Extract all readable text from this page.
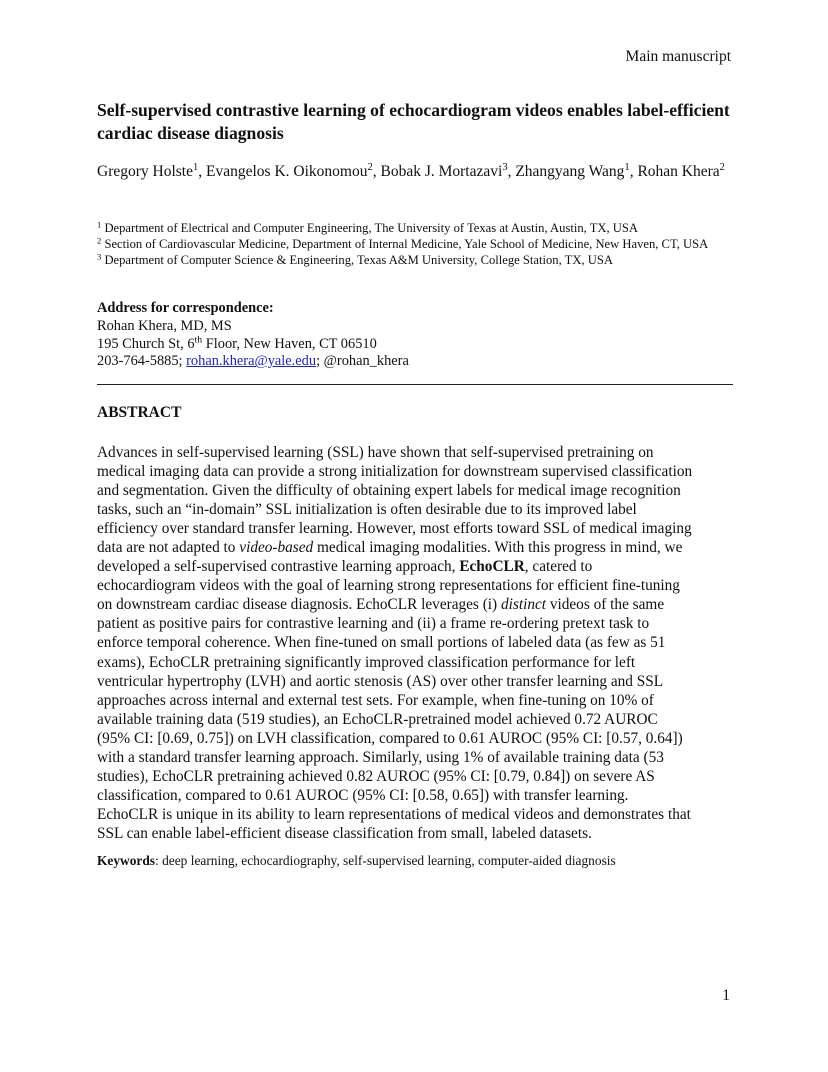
Main manuscript
Self-supervised contrastive learning of echocardiogram videos enables label-efficient cardiac disease diagnosis
Gregory Holste$^1$, Evangelos K. Oikonomou$^2$, Bobak J. Mortazavi$^3$, Zhangyang Wang$^1$, Rohan Khera$^2$

$^1$ Department of Electrical and Computer Engineering, The University of Texas at Austin, Austin, TX, USA

$^2$ Section of Cardiovascular Medicine, Department of Internal Medicine, Yale School of Medicine, New Haven, CT, USA

$^3$ Department of Computer Science & Engineering, Texas A&M University, College Station, TX, USA

Address for correspondence:
Rohan Khera, MD, MS
195 Church St, 6th Floor, New Haven, CT 06510
203-764-5885; rohan.khera@yale.edu; @rohan_khera
ABSTRACT
Advances in self-supervised learning (SSL) have shown that self-supervised pretraining on
medical imaging data can provide a strong initialization for downstream supervised classification
and segmentation. Given the difficulty of obtaining expert labels for medical image recognition
tasks, such an “in-domain” SSL initialization is often desirable due to its improved label
efficiency over standard transfer learning. However, most efforts toward SSL of medical imaging
data are not adapted to video-based medical imaging modalities. With this progress in mind, we
developed a self-supervised contrastive learning approach, EchoCLR, catered to
echocardiogram videos with the goal of learning strong representations for efficient fine-tuning
on downstream cardiac disease diagnosis. EchoCLR leverages (i) distinct videos of the same
patient as positive pairs for contrastive learning and (ii) a frame re-ordering pretext task to
enforce temporal coherence. When fine-tuned on small portions of labeled data (as few as 51
exams), EchoCLR pretraining significantly improved classification performance for left
ventricular hypertrophy (LVH) and aortic stenosis (AS) over other transfer learning and SSL
approaches across internal and external test sets. For example, when fine-tuning on 10% of
available training data (519 studies), an EchoCLR-pretrained model achieved 0.72 AUROC
(95% CI: [0.69, 0.75]) on LVH classification, compared to 0.61 AUROC (95% CI: [0.57, 0.64])
with a standard transfer learning approach. Similarly, using 1% of available training data (53
studies), EchoCLR pretraining achieved 0.82 AUROC (95% CI: [0.79, 0.84]) on severe AS
classification, compared to 0.61 AUROC (95% CI: [0.58, 0.65]) with transfer learning.
EchoCLR is unique in its ability to learn representations of medical videos and demonstrates that
SSL can enable label-efficient disease classification from small, labeled datasets.
Keywords: deep learning, echocardiography, self-supervised learning, computer-aided diagnosis
1
